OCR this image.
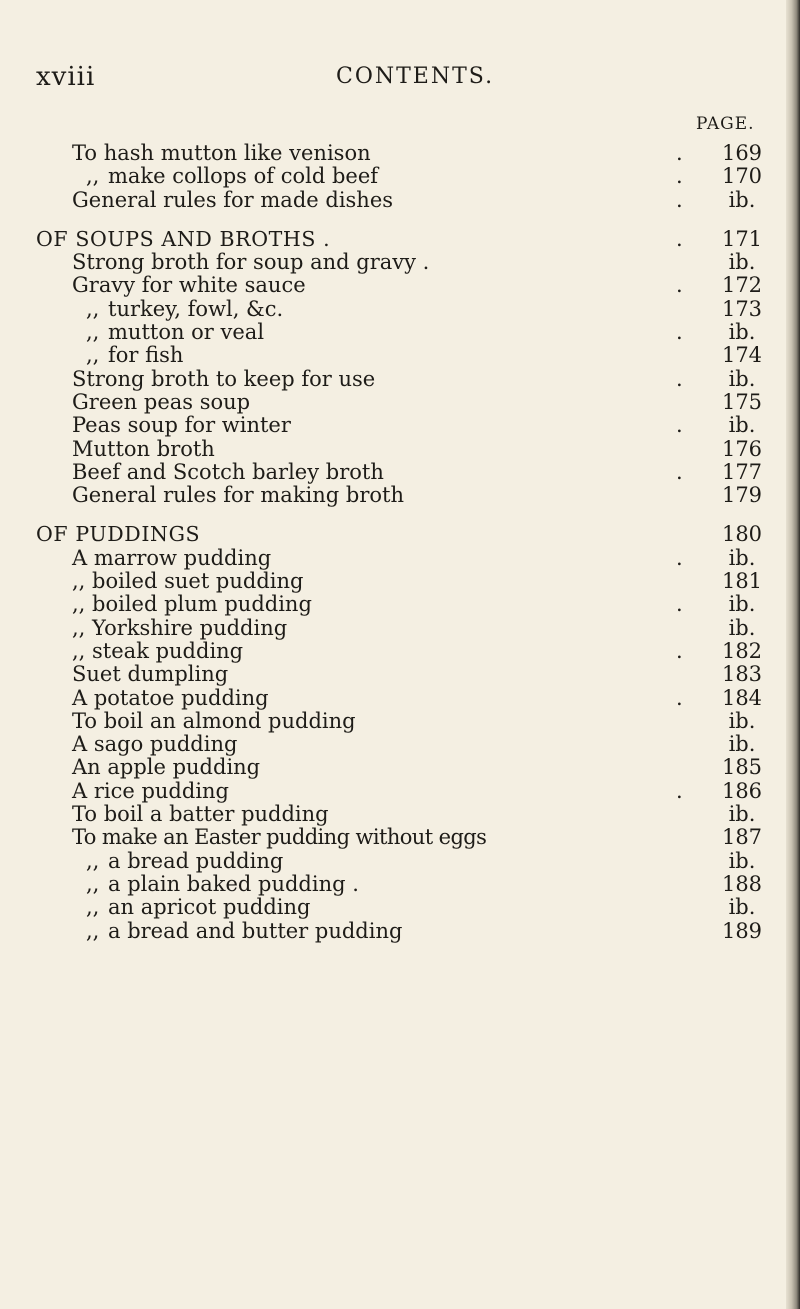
xviii	CONTENTS.
PAGE.
To hash mutton like venison	.	169
,, make collops of cold beef	.	170
General rules for made dishes	.	ib.
OF SOUPS AND BROTHS .	.	171
Strong broth for soup and gravy .	ib.
Gravy for white sauce	.	172
,, turkey, fowl, &c.	173
,, mutton or veal	.	ib.
,, for fish	174
Strong broth to keep for use	.	ib.
Green peas soup	175
Peas soup for winter	.	ib.
Mutton broth	176
Beef and Scotch barley broth	.	177
General rules for making broth	179
OF PUDDINGS	180
A marrow pudding	.	ib.
,, boiled suet pudding	181
,, boiled plum pudding	.	ib.
,, Yorkshire pudding	ib.
,, steak pudding	.	182
Suet dumpling	183
A potatoe pudding	.	184
To boil an almond pudding	ib.
A sago pudding	ib.
An apple pudding	185
A rice pudding	.	186
To boil a batter pudding	ib.
To make an Easter pudding without eggs	187
,, a bread pudding	ib.
,, a plain baked pudding .	188
,, an apricot pudding	ib.
,, a bread and butter pudding	189
